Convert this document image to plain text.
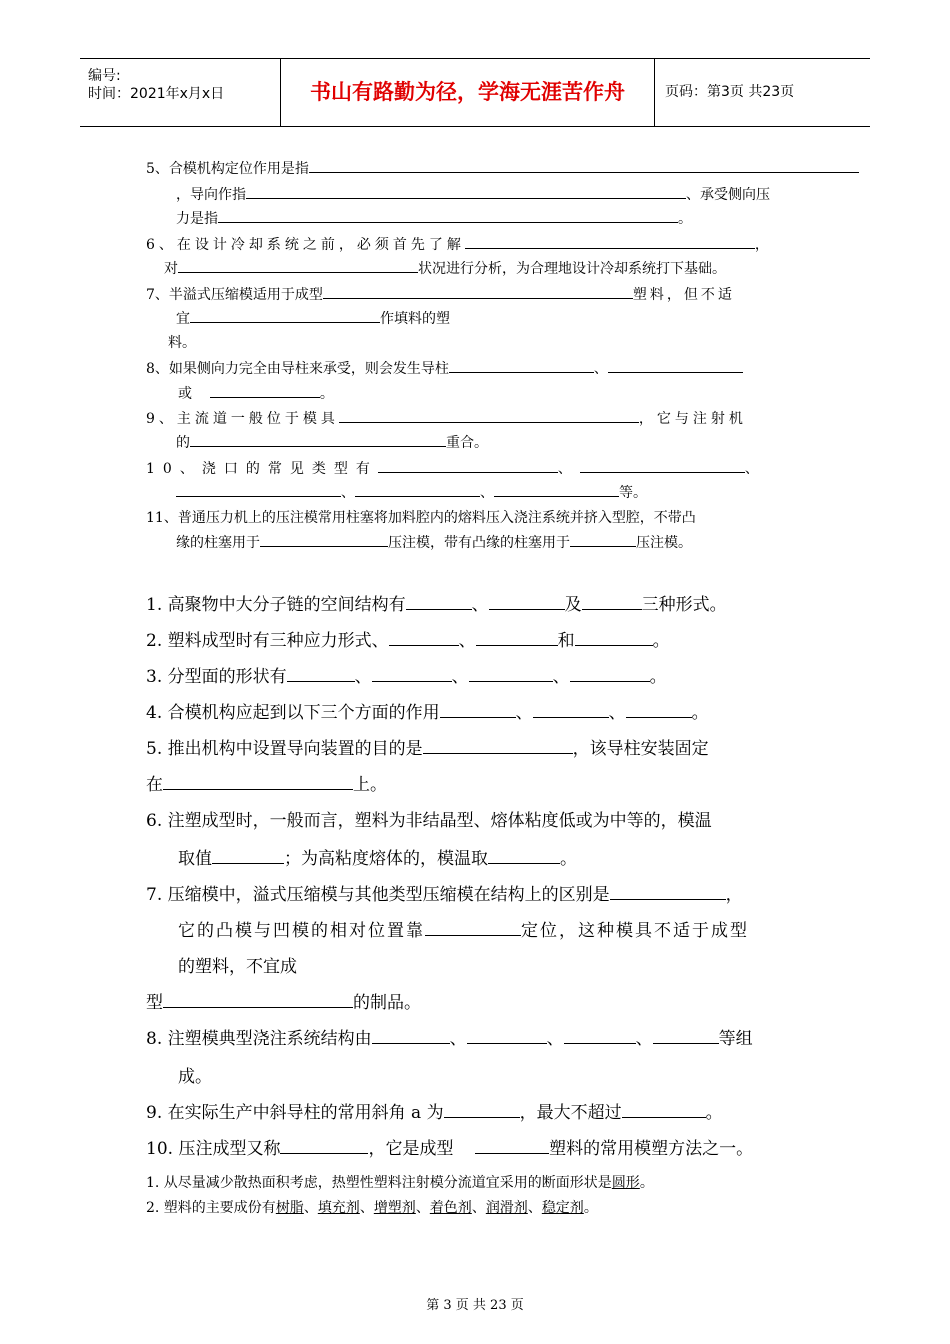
编号:
时间：2021年x月x日	书山有路勤为径，学海无涯苦作舟	页码：第3页 共23页
5、合模机构定位作用是指
，导向作指	、承受侧向压
力是指	。
6、在设计冷却系统之前，必须首先了解	，
对	状况进行分析，为合理地设计冷却系统打下基础。
7、半溢式压缩模适用于成型	塑料，但不适
宜	作填料的塑
料。
8、如果侧向力完全由导柱来承受，则会发生导柱	、
或	。
9、主流道一般位于模具	，它与注射机
的	重合。
10、浇口的常见类型有	、	、
、	、	等。
11、普通压力机上的压注模常用柱塞将加料腔内的熔料压入浇注系统并挤入型腔，不带凸
缘的柱塞用于	压注模，带有凸缘的柱塞用于	压注模。
1. 高聚物中大分子链的空间结构有	、	及	三种形式。
2. 塑料成型时有三种应力形式、	、	和	。
3. 分型面的形状有	、	、	、	。
4. 合模机构应起到以下三个方面的作用	、	、	。
5. 推出机构中设置导向装置的目的是	，该导柱安装固定
在	上。
6. 注塑成型时，一般而言，塑料为非结晶型、熔体粘度低或为中等的，模温
取值	；为高粘度熔体的，模温取	。
7. 压缩模中，溢式压缩模与其他类型压缩模在结构上的区别是	，
它的凸模与凹模的相对位置靠	定位，这种模具不适于成型
的塑料，不宜成
型	的制品。
8. 注塑模典型浇注系统结构由	、	、	、	等组
成。
9. 在实际生产中斜导柱的常用斜角 a 为	，最大不超过	。
10. 压注成型又称	，它是成型	塑料的常用模塑方法之一。
1. 从尽量减少散热面积考虑，热塑性塑料注射模分流道宜采用的断面形状是圆形。
2. 塑料的主要成份有树脂、填充剂、增塑剂、着色剂、润滑剂、稳定剂。
第 3 页 共 23 页
